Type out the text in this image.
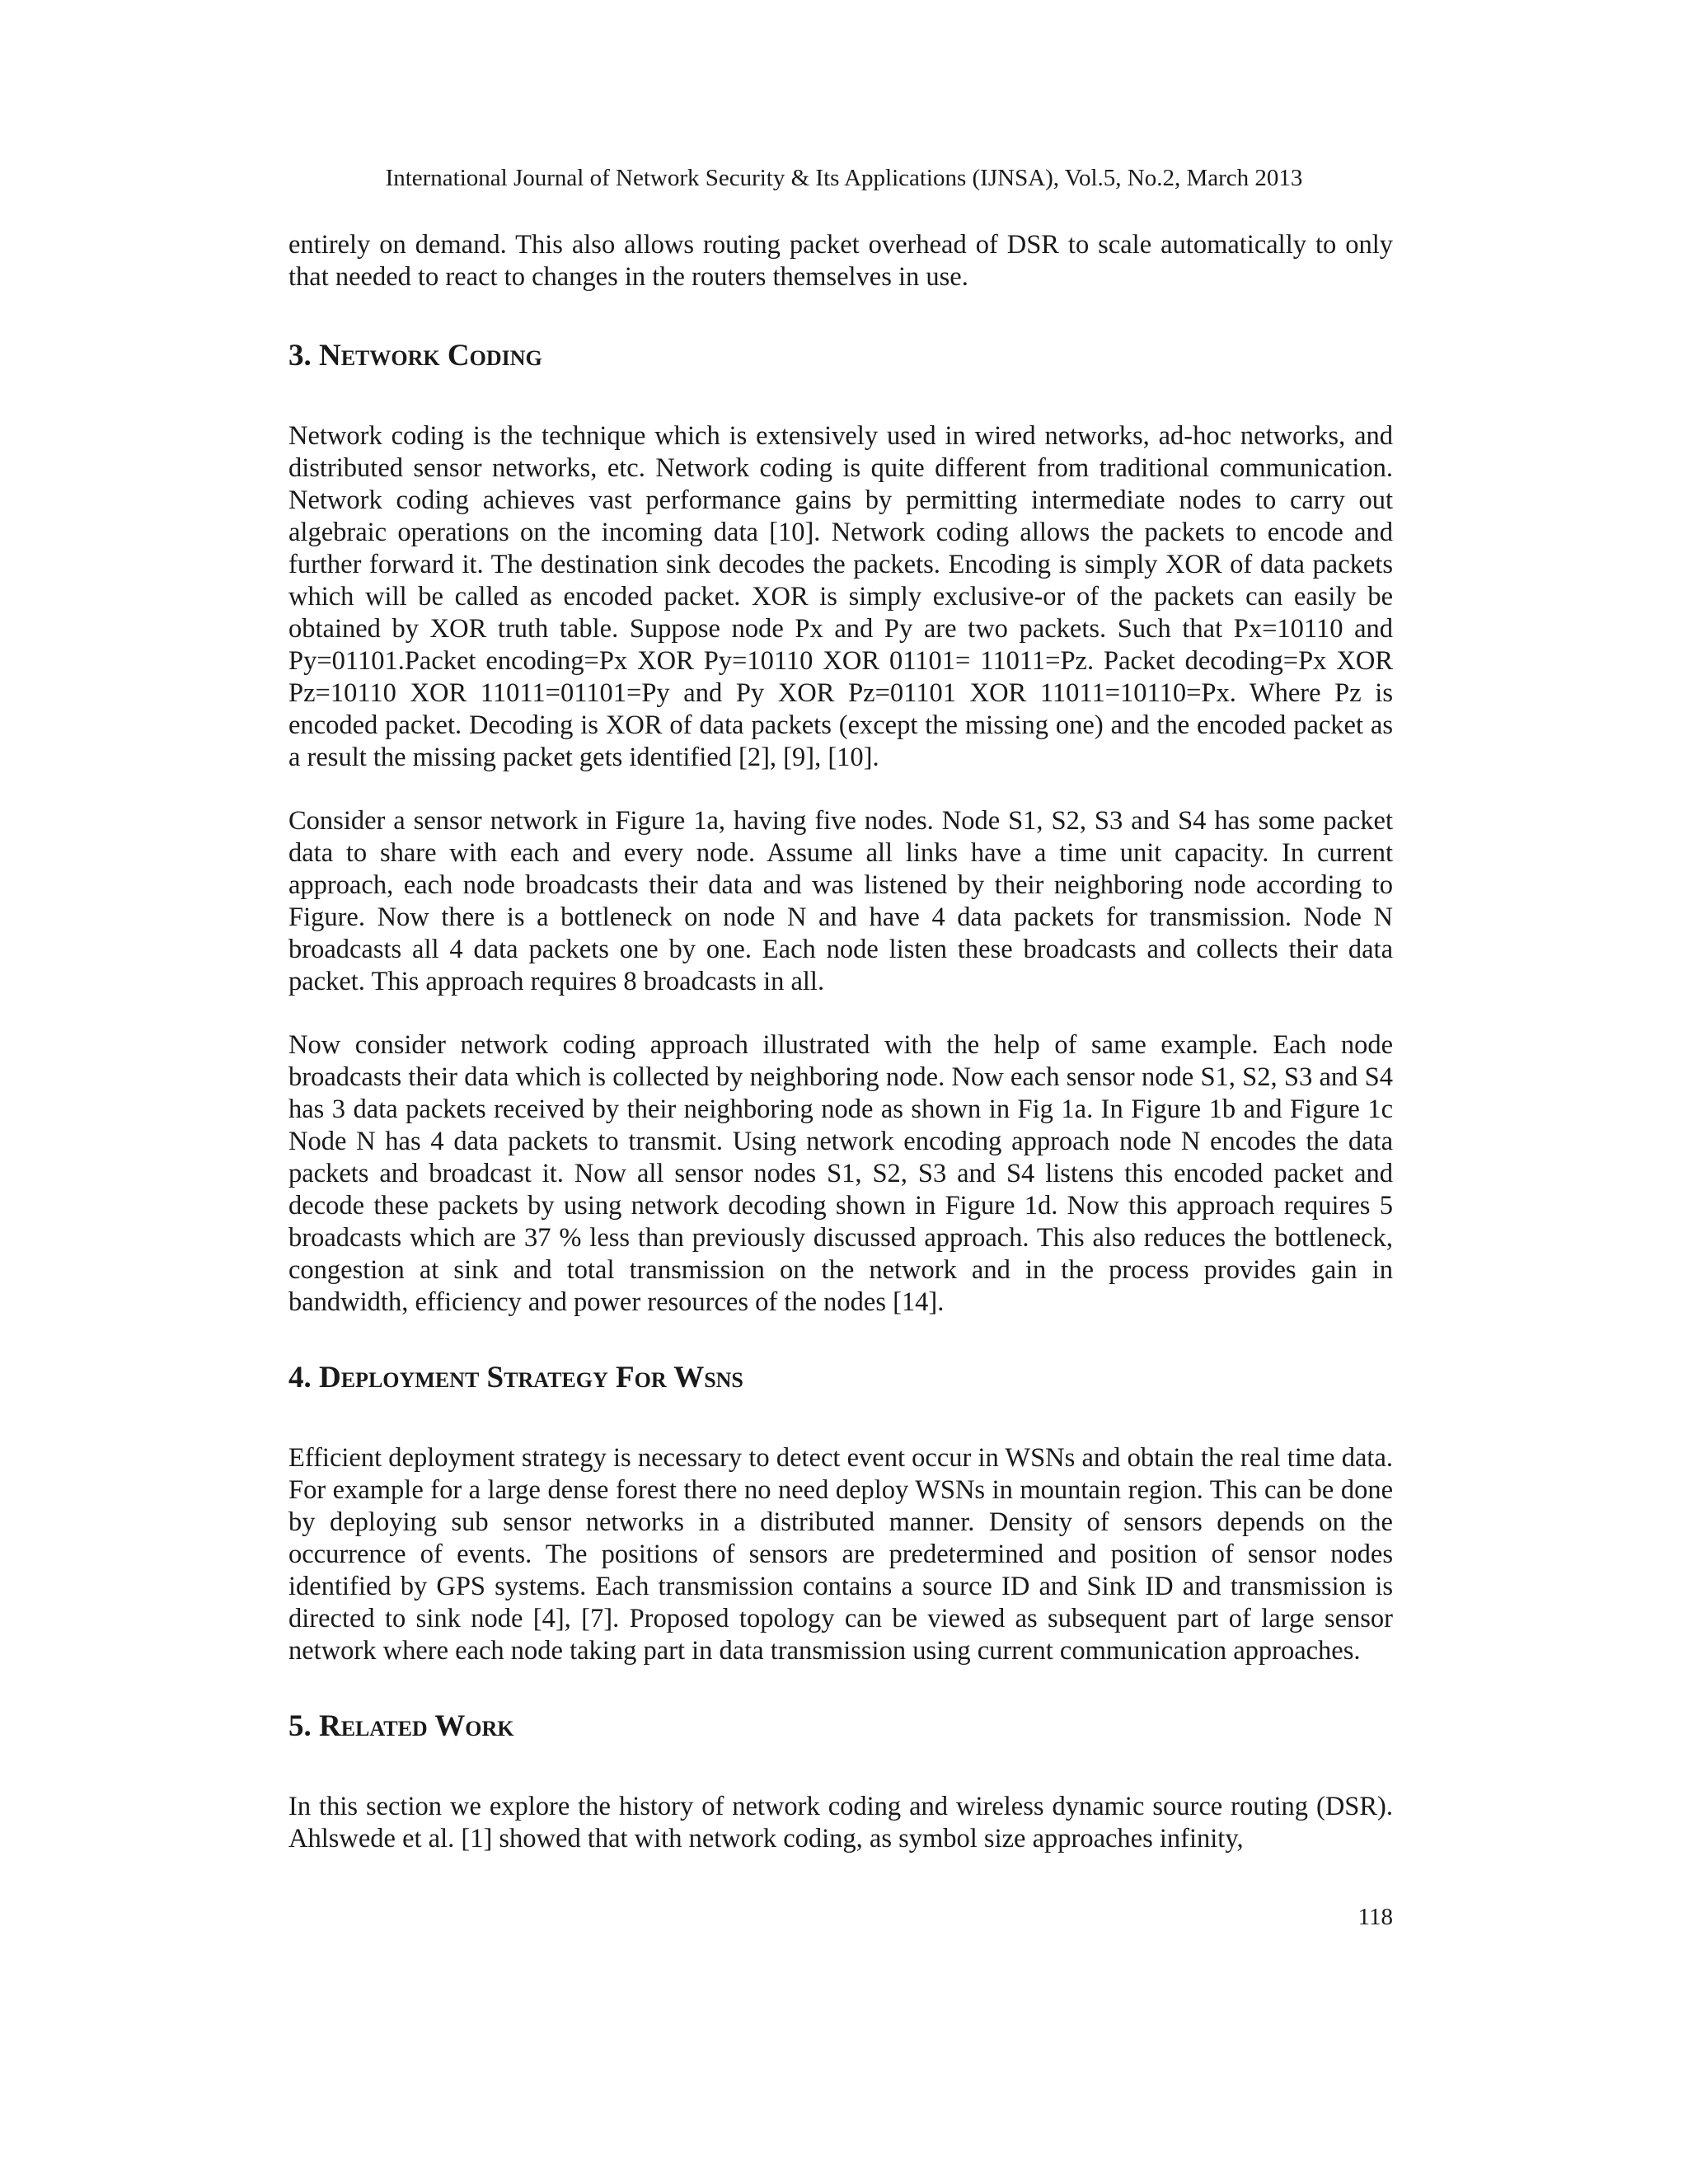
International Journal of Network Security & Its Applications (IJNSA), Vol.5, No.2, March 2013

entirely on demand. This also allows routing packet overhead of DSR to scale automatically to only that needed to react to changes in the routers themselves in use.

3. Network Coding

Network coding is the technique which is extensively used in wired networks, ad-hoc networks, and distributed sensor networks, etc. Network coding is quite different from traditional communication. Network coding achieves vast performance gains by permitting intermediate nodes to carry out algebraic operations on the incoming data [10]. Network coding allows the packets to encode and further forward it. The destination sink decodes the packets. Encoding is simply XOR of data packets which will be called as encoded packet. XOR is simply exclusive-or of the packets can easily be obtained by XOR truth table. Suppose node Px and Py are two packets. Such that Px=10110 and Py=01101.Packet encoding=Px XOR Py=10110 XOR 01101= 11011=Pz. Packet decoding=Px XOR Pz=10110 XOR 11011=01101=Py and Py XOR Pz=01101 XOR 11011=10110=Px. Where Pz is encoded packet. Decoding is XOR of data packets (except the missing one) and the encoded packet as a result the missing packet gets identified [2], [9], [10].

Consider a sensor network in Figure 1a, having five nodes. Node S1, S2, S3 and S4 has some packet data to share with each and every node. Assume all links have a time unit capacity. In current approach, each node broadcasts their data and was listened by their neighboring node according to Figure. Now there is a bottleneck on node N and have 4 data packets for transmission. Node N broadcasts all 4 data packets one by one. Each node listen these broadcasts and collects their data packet. This approach requires 8 broadcasts in all.

Now consider network coding approach illustrated with the help of same example. Each node broadcasts their data which is collected by neighboring node. Now each sensor node S1, S2, S3 and S4 has 3 data packets received by their neighboring node as shown in Fig 1a. In Figure 1b and Figure 1c Node N has 4 data packets to transmit. Using network encoding approach node N encodes the data packets and broadcast it. Now all sensor nodes S1, S2, S3 and S4 listens this encoded packet and decode these packets by using network decoding shown in Figure 1d. Now this approach requires 5 broadcasts which are 37 % less than previously discussed approach. This also reduces the bottleneck, congestion at sink and total transmission on the network and in the process provides gain in bandwidth, efficiency and power resources of the nodes [14].

4. Deployment Strategy For Wsns

Efficient deployment strategy is necessary to detect event occur in WSNs and obtain the real time data. For example for a large dense forest there no need deploy WSNs in mountain region. This can be done by deploying sub sensor networks in a distributed manner. Density of sensors depends on the occurrence of events. The positions of sensors are predetermined and position of sensor nodes identified by GPS systems. Each transmission contains a source ID and Sink ID and transmission is directed to sink node [4], [7]. Proposed topology can be viewed as subsequent part of large sensor network where each node taking part in data transmission using current communication approaches.

5. Related Work

In this section we explore the history of network coding and wireless dynamic source routing (DSR). Ahlswede et al. [1] showed that with network coding, as symbol size approaches infinity,

118
